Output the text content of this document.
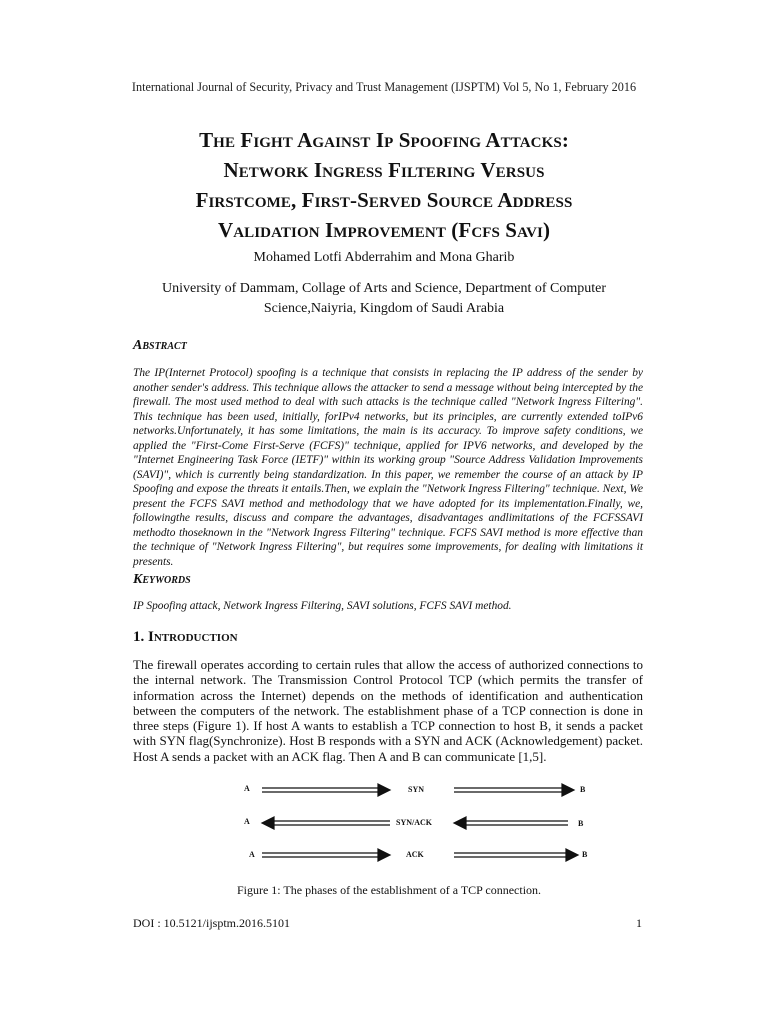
International Journal of Security, Privacy and Trust Management (IJSPTM) Vol 5, No 1, February 2016
The Fight Against Ip Spoofing Attacks:
Network Ingress Filtering Versus
Firstcome, First-Served Source Address
Validation Improvement (Fcfs Savi)
Mohamed Lotfi Abderrahim and Mona Gharib
University of Dammam, Collage of Arts and Science, Department of Computer
Science,Naiyria, Kingdom of Saudi Arabia
Abstract
The IP(Internet Protocol) spoofing is a technique that consists in replacing the IP address of the sender by another sender's address. This technique allows the attacker to send a message without being intercepted by the firewall. The most used method to deal with such attacks is the technique called "Network Ingress Filtering". This technique has been used, initially, forIPv4 networks, but its principles, are currently extended toIPv6 networks.Unfortunately, it has some limitations, the main is its accuracy. To improve safety conditions, we applied the "First-Come First-Serve (FCFS)" technique, applied for IPV6 networks, and developed by the "Internet Engineering Task Force (IETF)" within its working group "Source Address Validation Improvements (SAVI)", which is currently being standardization. In this paper, we remember the course of an attack by IP Spoofing and expose the threats it entails.Then, we explain the "Network Ingress Filtering" technique. Next, We present the FCFS SAVI method and methodology that we have adopted for its implementation.Finally, we, followingthe results, discuss and compare the advantages, disadvantages andlimitations of the FCFSSAVI methodto thoseknown in the "Network Ingress Filtering" technique. FCFS SAVI method is more effective than the technique of "Network Ingress Filtering", but requires some improvements, for dealing with limitations it presents.
Keywords
IP Spoofing attack, Network Ingress Filtering, SAVI solutions, FCFS SAVI method.
1. Introduction
The firewall operates according to certain rules that allow the access of authorized connections to the internal network. The Transmission Control Protocol TCP (which permits the transfer of information across the Internet) depends on the methods of identification and authentication between the computers of the network. The establishment phase of a TCP connection is done in three steps (Figure 1). If host A wants to establish a TCP connection to host B, it sends a packet with SYN flag(Synchronize). Host B responds with a SYN and ACK (Acknowledgement) packet. Host A sends a packet with an ACK flag. Then A and B can communicate [1,5].
A	SYN	B
A	SYN/ACK	B
A	ACK	B
Figure 1: The phases of the establishment of a TCP connection.
DOI : 10.5121/ijsptm.2016.5101	1
